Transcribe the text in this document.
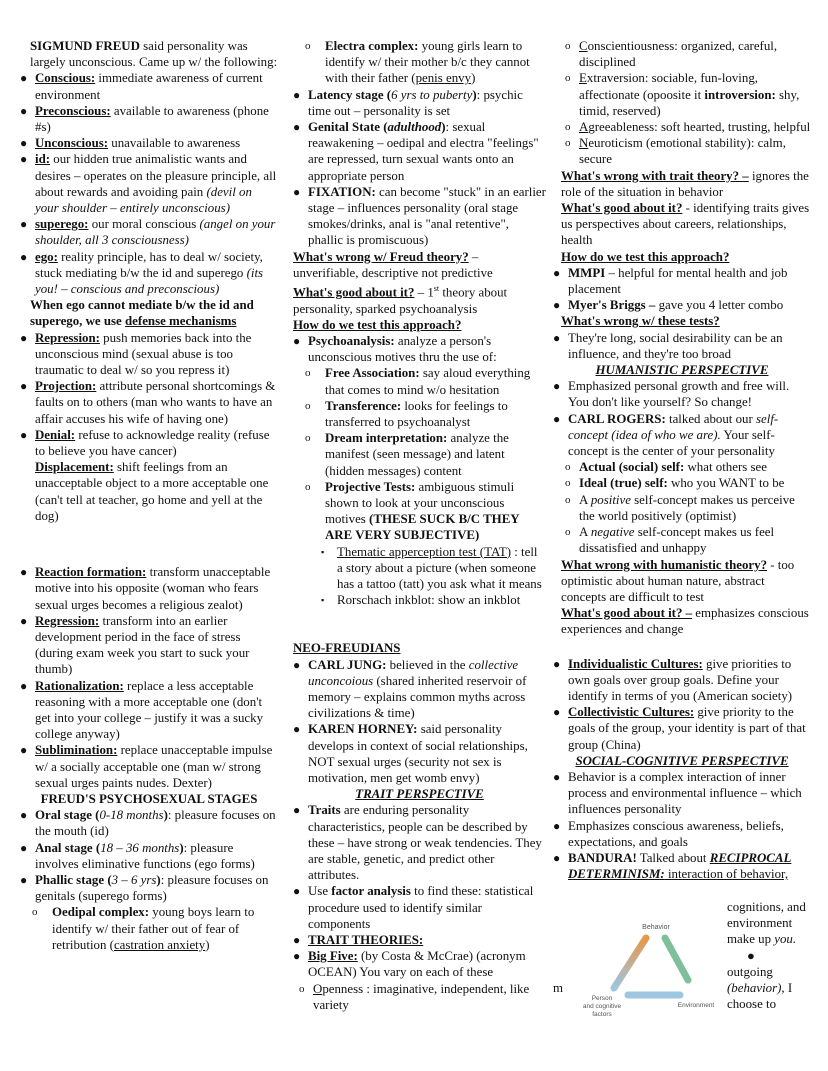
SIGMUND FREUD said personality was largely unconscious. Came up w/ the following:

● Conscious: immediate awareness of current environment

● Preconscious: available to awareness (phone #s)

● Unconscious: unavailable to awareness

● id: our hidden true animalistic wants and desires – operates on the pleasure principle, all about rewards and avoiding pain (devil on your shoulder – entirely unconscious)

● superego: our moral conscious (angel on your shoulder, all 3 consciousness)

● ego: reality principle, has to deal w/ society, stuck mediating b/w the id and superego (its you! – conscious and preconscious)

When ego cannot mediate b/w the id and superego, we use defense mechanisms

● Repression: push memories back into the unconscious mind (sexual abuse is too traumatic to deal w/ so you repress it)

● Projection: attribute personal shortcomings & faults on to others (man who wants to have an affair accuses his wife of having one)

● Denial: refuse to acknowledge reality (refuse to believe you have cancer)

Displacement: shift feelings from an unacceptable object to a more acceptable one (can't tell at teacher, go home and yell at the dog)

● Reaction formation: transform unacceptable motive into his opposite (woman who fears sexual urges becomes a religious zealot)

● Regression: transform into an earlier development period in the face of stress (during exam week you start to suck your thumb)

● Rationalization: replace a less acceptable reasoning with a more acceptable one (don't get into your college – justify it was a sucky college anyway)

● Sublimination: replace unacceptable impulse w/ a socially acceptable one (man w/ strong sexual urges paints nudes. Dexter)

FREUD'S PSYCHOSEXUAL STAGES

● Oral stage (0-18 months): pleasure focuses on the mouth (id)

● Anal stage (18 – 36 months): pleasure involves eliminative functions (ego forms)

● Phallic stage (3 – 6 yrs): pleasure focuses on genitals (superego forms)

o Oedipal complex: young boys learn to identify w/ their father out of fear of retribution (castration anxiety)

o Electra complex: young girls learn to identify w/ their mother b/c they cannot with their father (penis envy)

● Latency stage (6 yrs to puberty): psychic time out – personality is set

● Genital State (adulthood): sexual reawakening – oedipal and electra "feelings" are repressed, turn sexual wants onto an appropriate person

● FIXATION: can become "stuck" in an earlier stage – influences personality (oral stage smokes/drinks, anal is "anal retentive", phallic is promiscuous)

What's wrong w/ Freud theory? – unverifiable, descriptive not predictive

What's good about it? – 1st theory about personality, sparked psychoanalysis

How do we test this approach?

● Psychoanalysis: analyze a person's unconscious motives thru the use of:

o Free Association: say aloud everything that comes to mind w/o hesitation

o Transference: looks for feelings to transferred to psychoanalyst

o Dream interpretation: analyze the manifest (seen message) and latent (hidden messages) content

o Projective Tests: ambiguous stimuli shown to look at your unconscious motives (THESE SUCK B/C THEY ARE VERY SUBJECTIVE)

▪ Thematic apperception test (TAT) : tell a story about a picture (when someone has a tattoo (tatt) you ask what it means

▪ Rorschach inkblot: show an inkblot

NEO-FREUDIANS

● CARL JUNG: believed in the collective unconcoious (shared inherited reservoir of memory – explains common myths across civilizations & time)

● KAREN HORNEY: said personality develops in context of social relationships, NOT sexual urges (security not sex is motivation, men get womb envy)

TRAIT PERSPECTIVE

● Traits are enduring personality characteristics, people can be described by these – have strong or weak tendencies. They are stable, genetic, and predict other attributes.

● Use factor analysis to find these: statistical procedure used to identify similar components

● TRAIT THEORIES:

● Big Five: (by Costa & McCrae) (acronym OCEAN) You vary on each of these

o Openness : imaginative, independent, like variety

o Conscientiousness: organized, careful, disciplined

o Extraversion: sociable, fun-loving, affectionate (opoosite it introversion: shy, timid, reserved)

o Agreeableness: soft hearted, trusting, helpful

o Neuroticism (emotional stability): calm, secure

What's wrong with trait theory? – ignores the role of the situation in behavior

What's good about it? - identifying traits gives us perspectives about careers, relationships, health

How do we test this approach?

● MMPI – helpful for mental health and job placement

● Myer's Briggs – gave you 4 letter combo

What's wrong w/ these tests?

● They're long, social desirability can be an influence, and they're too broad

HUMANISTIC PERSPECTIVE

● Emphasized personal growth and free will. You don't like yourself? So change!

● CARL ROGERS: talked about our self-concept (idea of who we are). Your self-concept is the center of your personality

o Actual (social) self: what others see

o Ideal (true) self: who you WANT to be

o A positive self-concept makes us perceive the world positively (optimist)

o A negative self-concept makes us feel dissatisfied and unhappy

What wrong with humanistic theory? - too optimistic about human nature, abstract concepts are difficult to test

What's good about it? – emphasizes conscious experiences and change

● Individualistic Cultures: give priorities to own goals over group goals. Define your identify in terms of you (American society)

● Collectivistic Cultures: give priority to the goals of the group, your identity is part of that group (China)

SOCIAL-COGNITIVE PERSPECTIVE

● Behavior is a complex interaction of inner process and environmental influence – which influences personality

● Emphasizes conscious awareness, beliefs, expectations, and goals

● BANDURA! Talked about RECIPROCAL DETERMINISM: interaction of behavior,

m
Behavior
Person
and cognitive
factors
Environment
cognitions, and environment make up you.
●
outgoing (behavior), I choose to
